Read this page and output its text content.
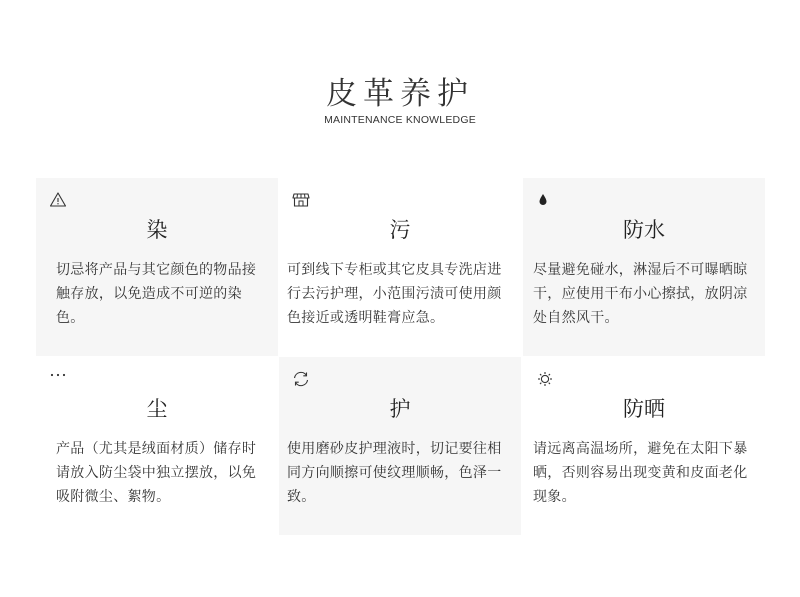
皮革养护
MAINTENANCE KNOWLEDGE
染
切忌将产品与其它颜色的物品接触存放，以免造成不可逆的染色。
污
可到线下专柜或其它皮具专洗店进行去污护理，小范围污渍可使用颜色接近或透明鞋膏应急。
防水
尽量避免碰水，淋湿后不可曝晒晾干，应使用干布小心擦拭，放阴凉处自然风干。
尘
产品（尤其是绒面材质）储存时请放入防尘袋中独立摆放，以免吸附微尘、絮物。
护
使用磨砂皮护理液时，切记要往相同方向顺擦可使纹理顺畅，色泽一致。
防晒
请远离高温场所，避免在太阳下暴晒，否则容易出现变黄和皮面老化现象。
